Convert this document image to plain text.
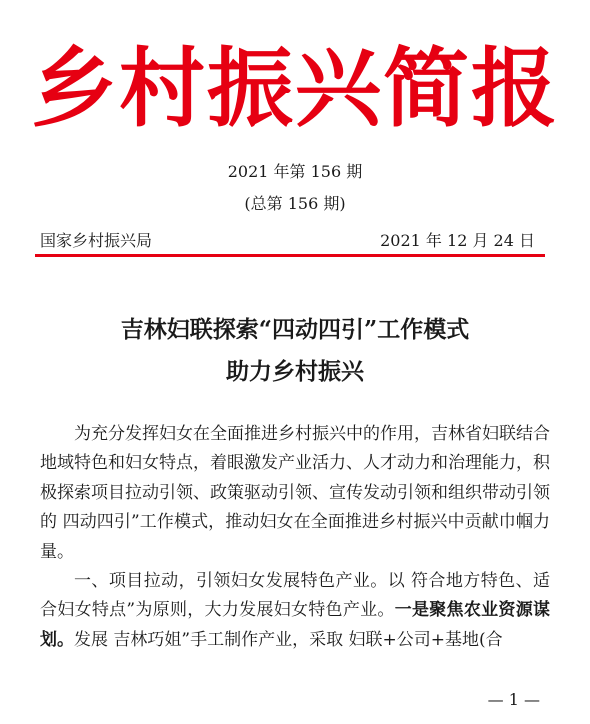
乡村振兴简报
2021 年第 156 期
(总第 156 期)
国家乡村振兴局	2021 年 12 月 24 日
吉林妇联探索“四动四引”工作模式
助力乡村振兴

为充分发挥妇女在全面推进乡村振兴中的作用，吉林省妇联结合地域特色和妇女特点，着眼激发产业活力、人才动力和治理能力，积极探索项目拉动引领、政策驱动引领、宣传发动引领和组织带动引领的 四动四引”工作模式，推动妇女在全面推进乡村振兴中贡献巾帼力量。

一、项目拉动，引领妇女发展特色产业。以 符合地方特色、适合妇女特点”为原则，大力发展妇女特色产业。一是聚焦农业资源谋划。发展 吉林巧姐”手工制作产业，采取 妇联+公司+基地(合

— 1 —
